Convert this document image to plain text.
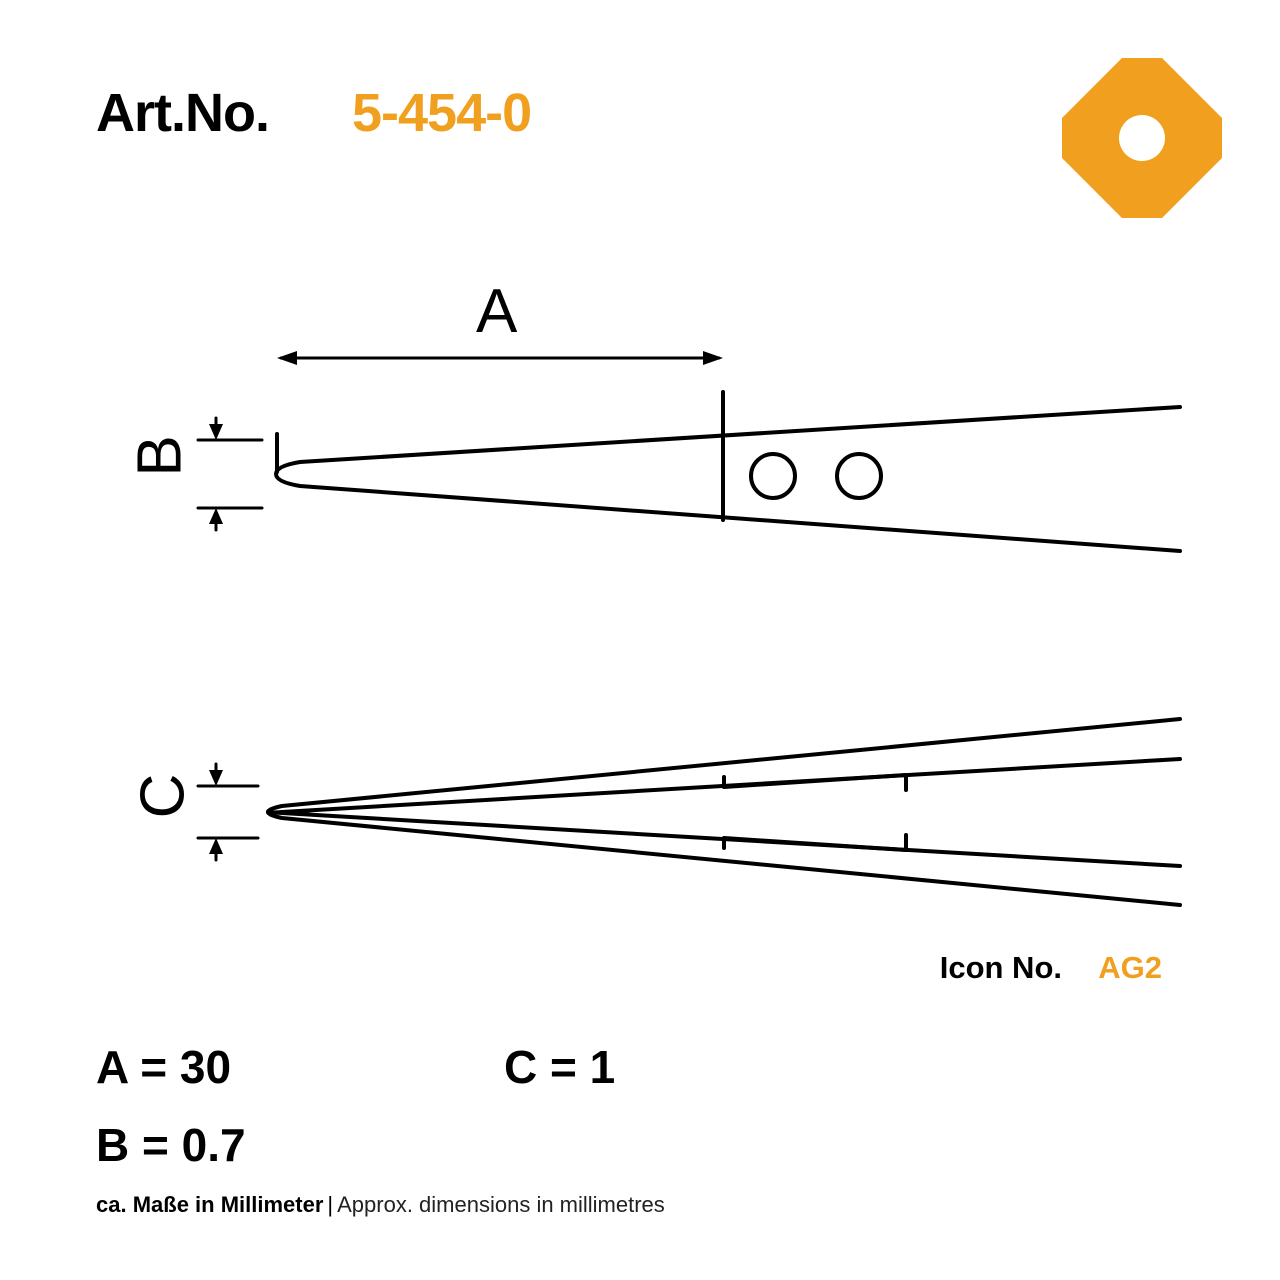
Art.No. 5-454-0
A
B
C
Icon No. AG2
A = 30
B = 0.7
C = 1
ca. Maße in Millimeter | Approx. dimensions in millimetres
